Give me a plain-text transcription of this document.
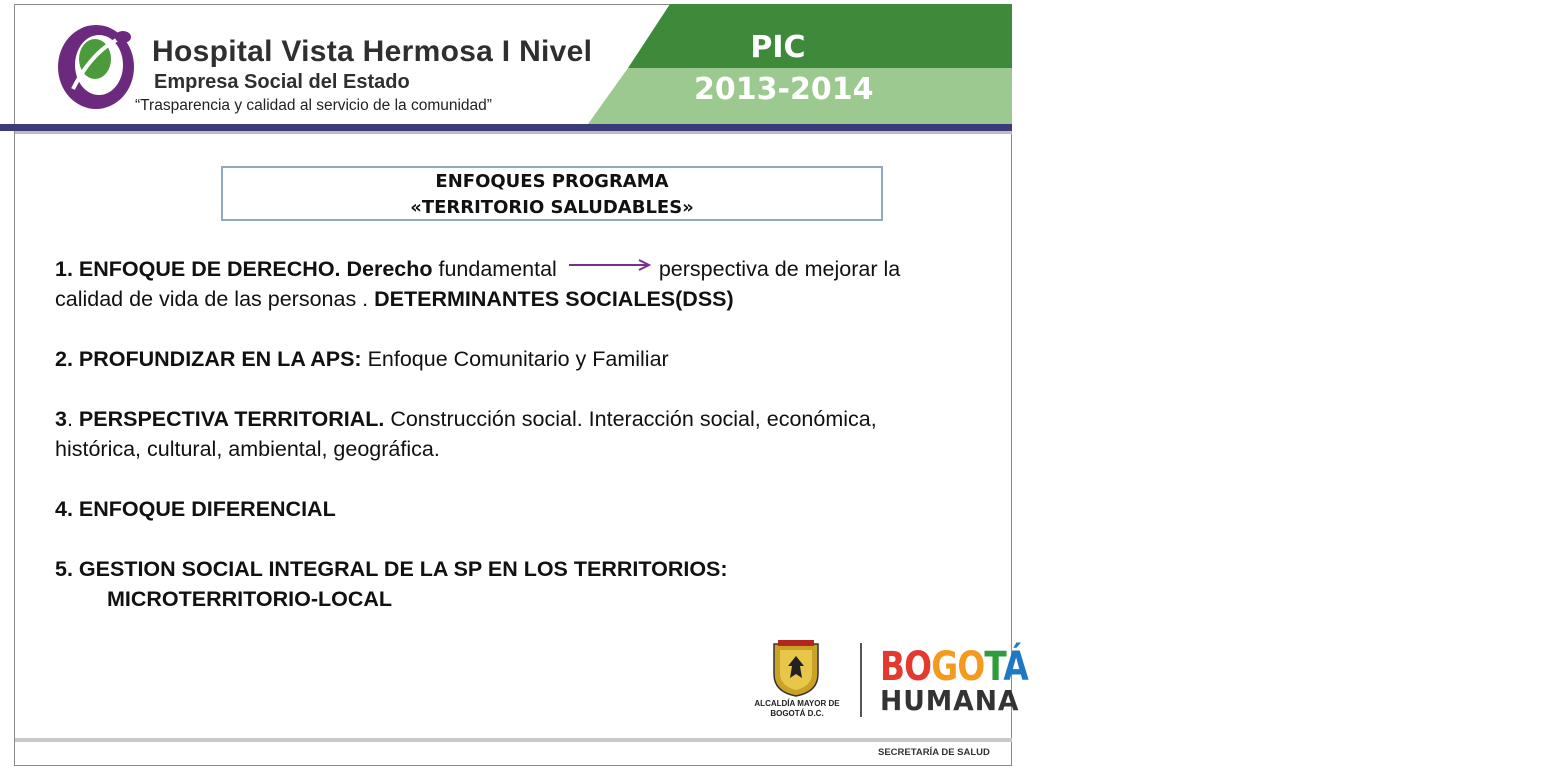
Hospital Vista Hermosa I Nivel
Empresa Social del Estado
“Trasparencia y calidad al servicio de la comunidad”
PIC
2013-2014
ENFOQUES PROGRAMA
«TERRITORIO SALUDABLES»

1. ENFOQUE DE DERECHO. Derecho fundamental	perspectiva de mejorar la calidad de vida de las personas . DETERMINANTES SOCIALES(DSS)

2. PROFUNDIZAR EN LA APS: Enfoque Comunitario y Familiar

3. PERSPECTIVA TERRITORIAL. Construcción social. Interacción social, económica, histórica, cultural, ambiental, geográfica.

4. ENFOQUE DIFERENCIAL

5. GESTION SOCIAL INTEGRAL DE LA SP EN LOS TERRITORIOS:

MICROTERRITORIO-LOCAL

ALCALDÍA MAYOR DE BOGOTÁ D.C.
BOGOTÁ
HUMANA
SECRETARÍA DE SALUD
